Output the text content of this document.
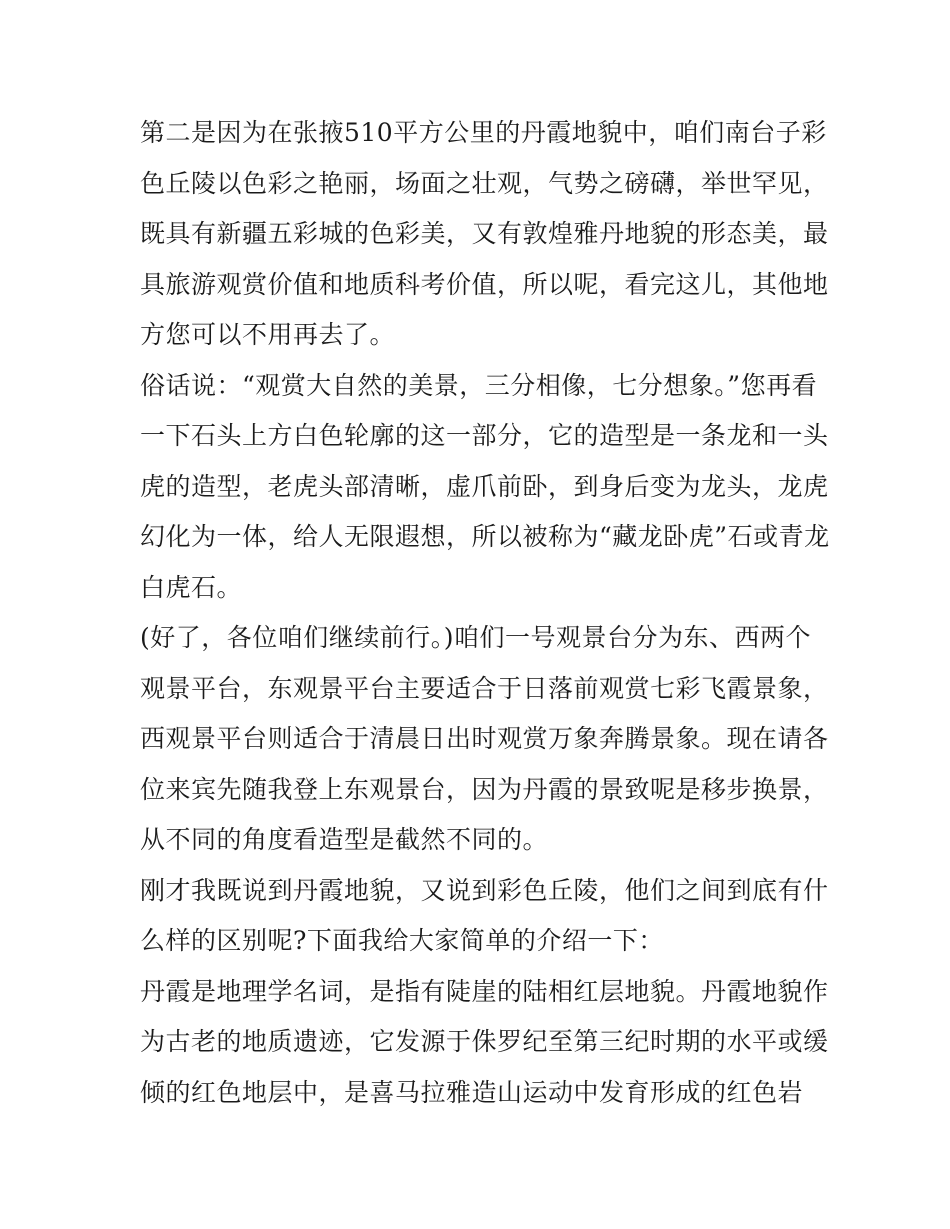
第二是因为在张掖510平方公里的丹霞地貌中，咱们南台子彩
色丘陵以色彩之艳丽，场面之壮观，气势之磅礴，举世罕见，
既具有新疆五彩城的色彩美，又有敦煌雅丹地貌的形态美，最
具旅游观赏价值和地质科考价值，所以呢，看完这儿，其他地
方您可以不用再去了。
俗话说：“观赏大自然的美景，三分相像，七分想象。”您再看
一下石头上方白色轮廓的这一部分，它的造型是一条龙和一头
虎的造型，老虎头部清晰，虚爪前卧，到身后变为龙头，龙虎
幻化为一体，给人无限遐想，所以被称为“藏龙卧虎”石或青龙
白虎石。
(好了，各位咱们继续前行。)咱们一号观景台分为东、西两个
观景平台，东观景平台主要适合于日落前观赏七彩飞霞景象，
西观景平台则适合于清晨日出时观赏万象奔腾景象。现在请各
位来宾先随我登上东观景台，因为丹霞的景致呢是移步换景，
从不同的角度看造型是截然不同的。
刚才我既说到丹霞地貌，又说到彩色丘陵，他们之间到底有什
么样的区别呢?下面我给大家简单的介绍一下：
丹霞是地理学名词，是指有陡崖的陆相红层地貌。丹霞地貌作
为古老的地质遗迹，它发源于侏罗纪至第三纪时期的水平或缓
倾的红色地层中，是喜马拉雅造山运动中发育形成的红色岩
